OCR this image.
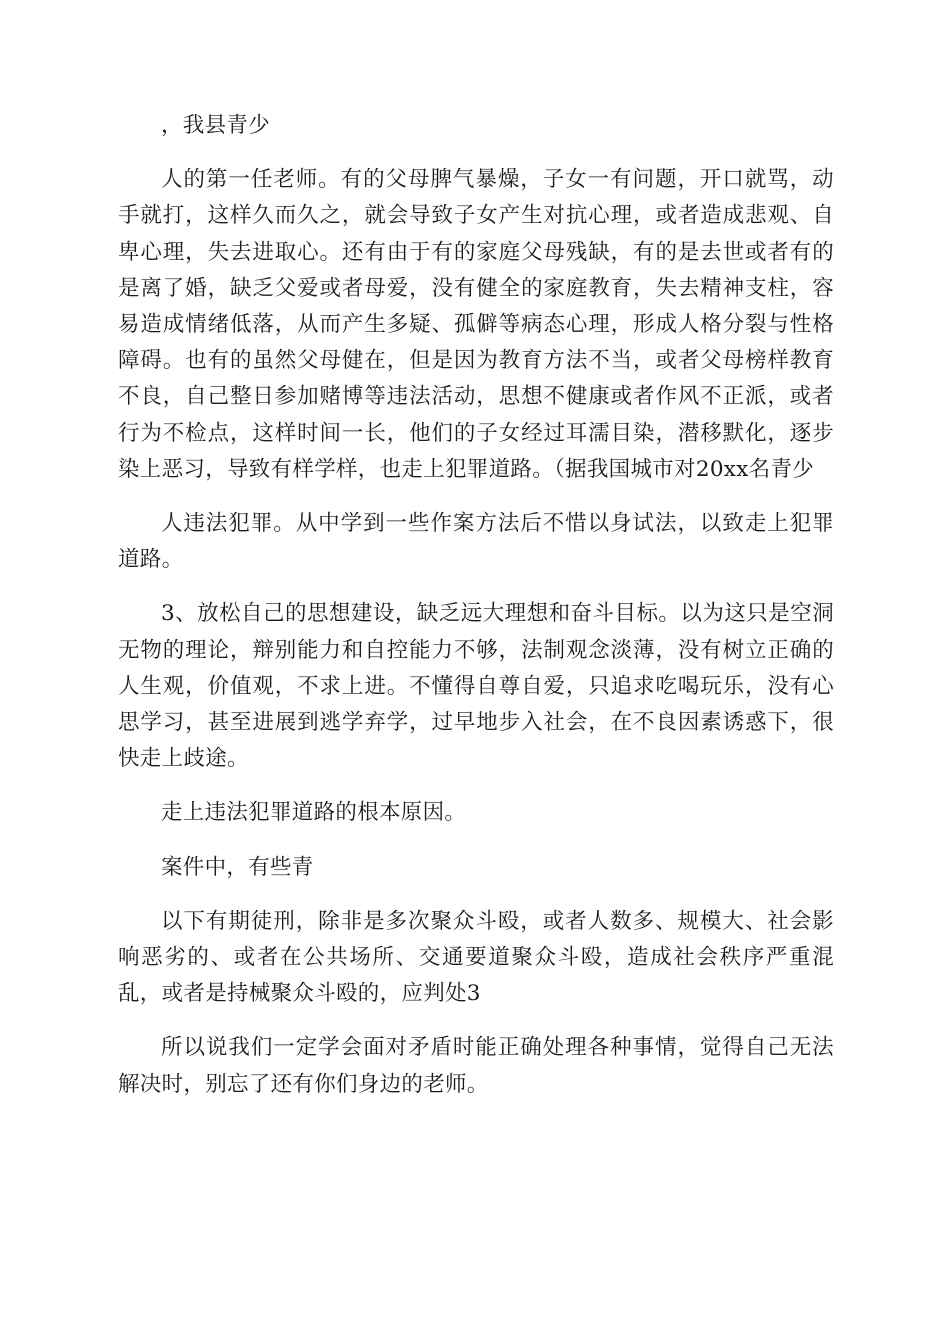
，我县青少

人的第一任老师。有的父母脾气暴燥，子女一有问题，开口就骂，动手就打，这样久而久之，就会导致子女产生对抗心理，或者造成悲观、自卑心理，失去进取心。还有由于有的家庭父母残缺，有的是去世或者有的是离了婚，缺乏父爱或者母爱，没有健全的家庭教育，失去精神支柱，容易造成情绪低落，从而产生多疑、孤僻等病态心理，形成人格分裂与性格障碍。也有的虽然父母健在，但是因为教育方法不当，或者父母榜样教育不良，自己整日参加赌博等违法活动，思想不健康或者作风不正派，或者行为不检点，这样时间一长，他们的子女经过耳濡目染，潜移默化，逐步染上恶习，导致有样学样，也走上犯罪道路。（据我国城市对20xx名青少

人违法犯罪。从中学到一些作案方法后不惜以身试法，以致走上犯罪道路。

3、放松自己的思想建设，缺乏远大理想和奋斗目标。以为这只是空洞无物的理论，辩别能力和自控能力不够，法制观念淡薄，没有树立正确的人生观，价值观，不求上进。不懂得自尊自爱，只追求吃喝玩乐，没有心思学习，甚至进展到逃学弃学，过早地步入社会，在不良因素诱惑下，很快走上歧途。

走上违法犯罪道路的根本原因。

案件中，有些青

以下有期徒刑，除非是多次聚众斗殴，或者人数多、规模大、社会影响恶劣的、或者在公共场所、交通要道聚众斗殴，造成社会秩序严重混乱，或者是持械聚众斗殴的，应判处3

所以说我们一定学会面对矛盾时能正确处理各种事情，觉得自己无法解决时，别忘了还有你们身边的老师。
